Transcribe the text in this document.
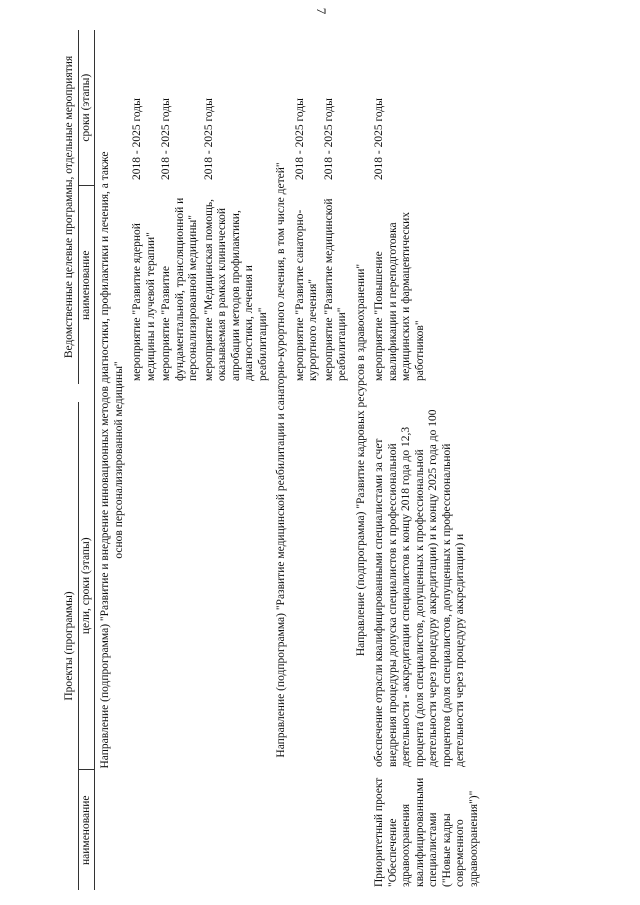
7
Проекты (программы)			Ведомственные целевые программы, отдельные мероприятия	
наименование	цели, сроки (этапы)		наименование	сроки (этапы)
Направление (подпрограмма) "Развитие и внедрение инновационных методов диагностики, профилактики и лечения, а также основ персонализированной медицины"				
			мероприятие "Развитие ядерной медицины и лучевой терапии"	2018 - 2025 годы
			мероприятие "Развитие фундаментальной, трансляционной и персонализированной медицины"	2018 - 2025 годы
			мероприятие "Медицинская помощь, оказываемая в рамках клинической апробации методов профилактики, диагностики, лечения и реабилитации"	2018 - 2025 годы
Направление (подпрограмма) "Развитие медицинской реабилитации и санаторно-курортного лечения, в том числе детей"				
			мероприятие "Развитие санаторно-курортного лечения"	2018 - 2025 годы
			мероприятие "Развитие медицинской реабилитации"	2018 - 2025 годы
Направление (подпрограмма) "Развитие кадровых ресурсов в здравоохранении"				
Приоритетный проект "Обеспечение здравоохранения квалифицированными специалистами ("Новые кадры современного здравоохранения")"	обеспечение отрасли квалифицированными специалистами за счет внедрения процедуры допуска специалистов к профессиональной деятельности - аккредитации специалистов к концу 2018 года до 12,3 процента (доля специалистов, допущенных к профессиональной деятельности через процедуру аккредитации) и к концу 2025 года до 100 процентов (доля специалистов, допущенных к профессиональной деятельности через процедуру аккредитации) и		мероприятие "Повышение квалификации и переподготовка медицинских и фармацевтических работников"	2018 - 2025 годы
